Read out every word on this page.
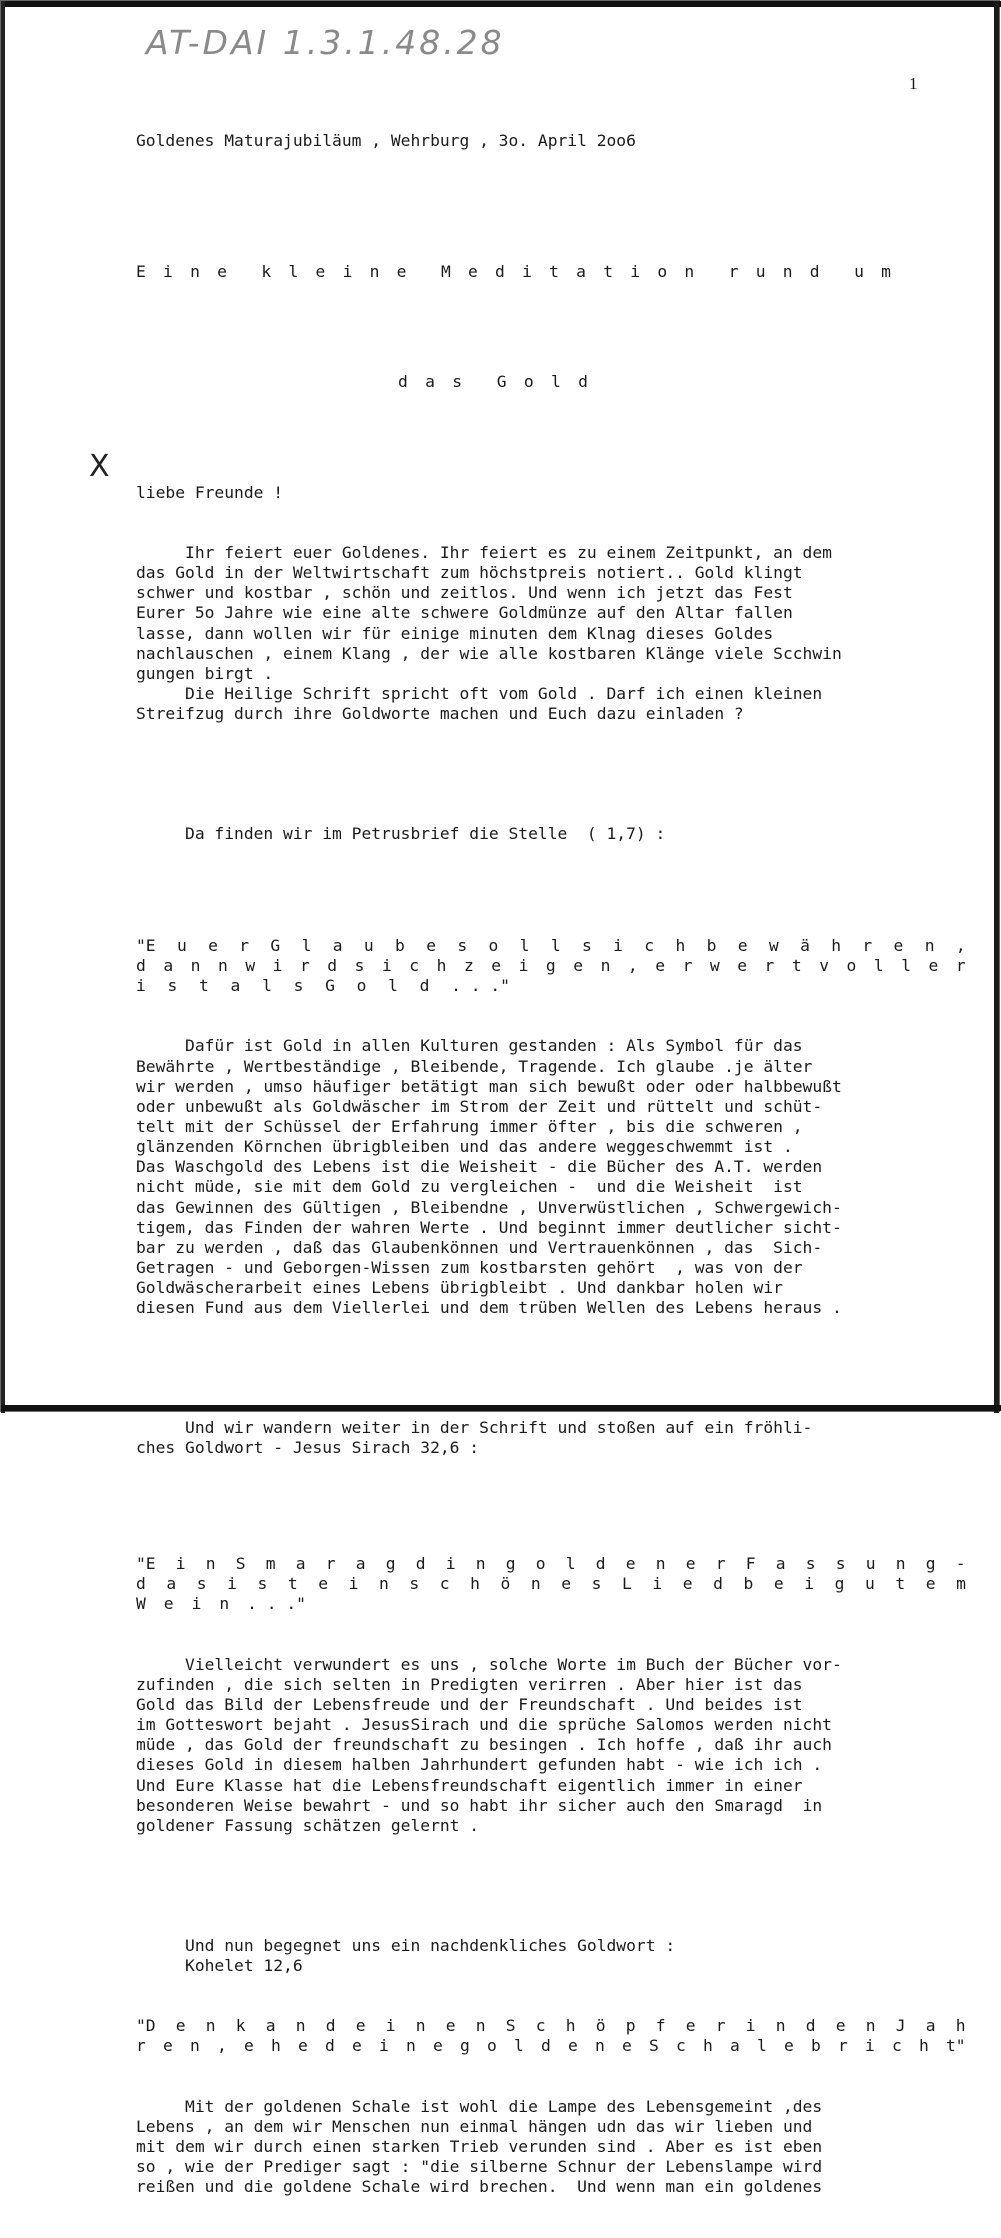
AT-DAI 1.3.1.48.28
1
X

Goldenes Maturajubiläum , Wehrburg , 3o. April 2oo6

E i n e k l e i n e M e d i t a t i o n r u n d u m

d a s G o l d

liebe Freunde !

Ihr feiert euer Goldenes. Ihr feiert es zu einem Zeitpunkt, an dem
das Gold in der Weltwirtschaft zum höchstpreis notiert.. Gold klingt
schwer und kostbar , schön und zeitlos. Und wenn ich jetzt das Fest
Eurer 5o Jahre wie eine alte schwere Goldmünze auf den Altar fallen
lasse, dann wollen wir für einige minuten dem Klnag dieses Goldes
nachlauschen , einem Klang , der wie alle kostbaren Klänge viele Scchwin
gungen birgt .
Die Heilige Schrift spricht oft vom Gold . Darf ich einen kleinen
Streifzug durch ihre Goldworte machen und Euch dazu einladen ?

Da finden wir im Petrusbrief die Stelle  ( 1,7) :

"E u e r G l a u b e s o l l s i c h b e w ä h r e n ,
d a n n w i r d s i c h z e i g e n , e r w e r t v o l l e r
i s t a l s G o l d . . ."

Dafür ist Gold in allen Kulturen gestanden : Als Symbol für das
Bewährte , Wertbeständige , Bleibende, Tragende. Ich glaube .je älter
wir werden , umso häufiger betätigt man sich bewußt oder oder halbbewußt
oder unbewußt als Goldwäscher im Strom der Zeit und rüttelt und schüt-
telt mit der Schüssel der Erfahrung immer öfter , bis die schweren ,
glänzenden Körnchen übrigbleiben und das andere weggeschwemmt ist .
Das Waschgold des Lebens ist die Weisheit - die Bücher des A.T. werden
nicht müde, sie mit dem Gold zu vergleichen -  und die Weisheit  ist
das Gewinnen des Gültigen , Bleibendne , Unverwüstlichen , Schwergewich-
tigem, das Finden der wahren Werte . Und beginnt immer deutlicher sicht-
bar zu werden , daß das Glaubenkönnen und Vertrauenkönnen , das  Sich-
Getragen - und Geborgen-Wissen zum kostbarsten gehört  , was von der
Goldwäscherarbeit eines Lebens übrigbleibt . Und dankbar holen wir
diesen Fund aus dem Viellerlei und dem trüben Wellen des Lebens heraus .

Und wir wandern weiter in der Schrift und stoßen auf ein fröhli-
ches Goldwort - Jesus Sirach 32,6 :

"E i n S m a r a g d i n g o l d e n e r F a s s u n g -
d a s i s t e i n s c h ö n e s L i e d b e i g u t e m
W e i n . . ."

Vielleicht verwundert es uns , solche Worte im Buch der Bücher vor-
zufinden , die sich selten in Predigten verirren . Aber hier ist das
Gold das Bild der Lebensfreude und der Freundschaft . Und beides ist
im Gotteswort bejaht . JesusSirach und die sprüche Salomos werden nicht
müde , das Gold der freundschaft zu besingen . Ich hoffe , daß ihr auch
dieses Gold in diesem halben Jahrhundert gefunden habt - wie ich ich .
Und Eure Klasse hat die Lebensfreundschaft eigentlich immer in einer
besonderen Weise bewahrt - und so habt ihr sicher auch den Smaragd  in
goldener Fassung schätzen gelernt .

Und nun begegnet uns ein nachdenkliches Goldwort :
Kohelet 12,6

"D e n k a n d e i n e n S c h ö p f e r i n d e n J a h
r e n , e h e d e i n e g o l d e n e S c h a l e b r i c h t"

Mit der goldenen Schale ist wohl die Lampe des Lebensgemeint ,des
Lebens , an dem wir Menschen nun einmal hängen udn das wir lieben und
mit dem wir durch einen starken Trieb verunden sind . Aber es ist eben
so , wie der Prediger sagt : "die silberne Schnur der Lebenslampe wird
reißen und die goldene Schale wird brechen.  Und wenn man ein goldenes
